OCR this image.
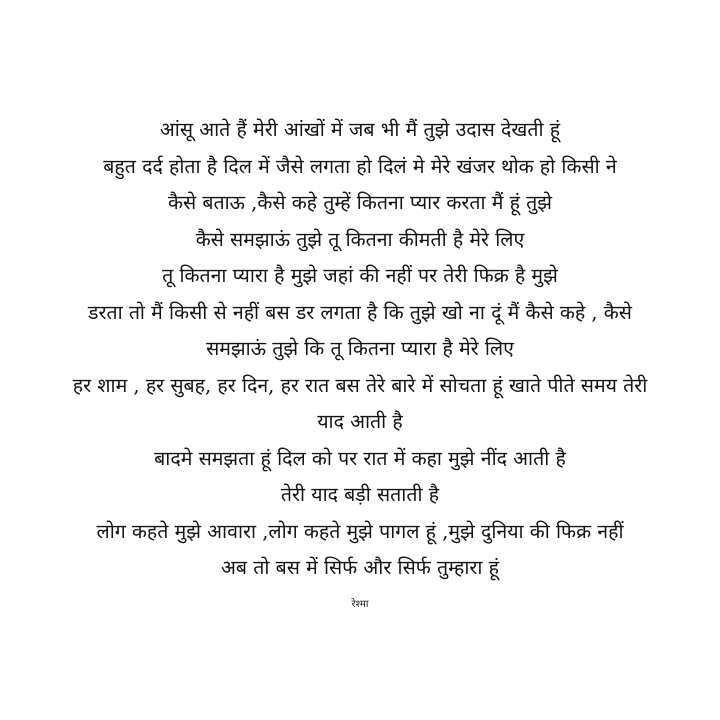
आंसू आते हैं मेरी आंखों में जब भी मैं तुझे उदास देखती हूं
बहुत दर्द होता है दिल में जैसे लगता हो दिलं मे मेरे खंजर थोक हो किसी ने
कैसे बताऊ ,कैसे कहे तुम्हें कितना प्यार करता मैं हूं तुझे
कैसे समझाऊं तुझे तू कितना कीमती है मेरे लिए
तू कितना प्यारा है मुझे जहां की नहीं पर तेरी फिक्र है मुझे
डरता तो मैं किसी से नहीं बस डर लगता है कि तुझे खो ना दूं मैं कैसे कहे , कैसे
समझाऊं तुझे कि तू कितना प्यारा है मेरे लिए
हर शाम , हर सुबह, हर दिन, हर रात बस तेरे बारे में सोचता हूं खाते पीते समय तेरी
याद आती है
बादमे समझता हूं दिल को पर रात में कहा मुझे नींद आती है
तेरी याद बड़ी सताती है
लोग कहते मुझे आवारा ,लोग कहते मुझे पागल हूं ,मुझे दुनिया की फिक्र नहीं
अब तो बस में सिर्फ और सिर्फ तुम्हारा हूं
रेश्मा
